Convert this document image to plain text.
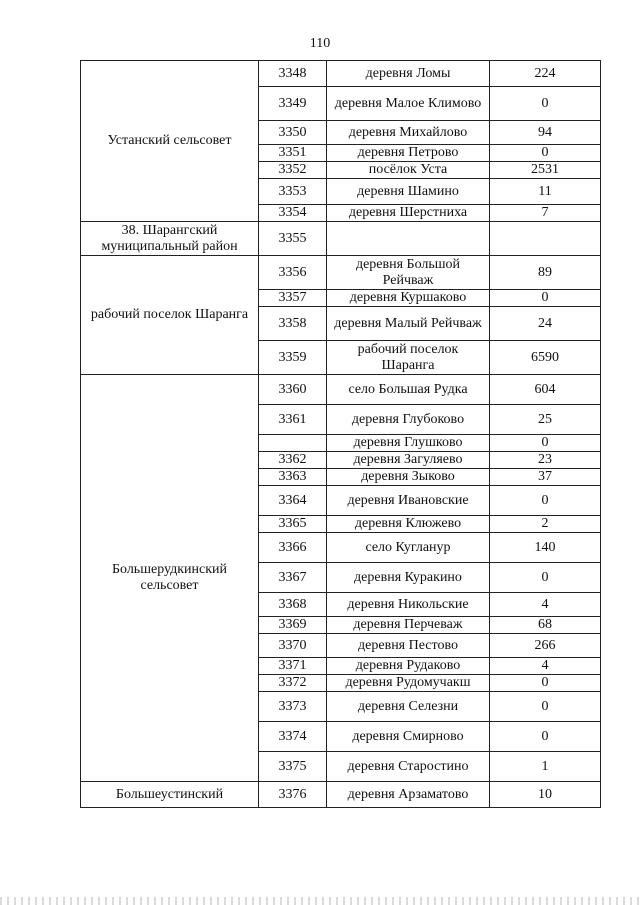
110
Устанский сельсовет	3348	деревня Ломы	224
	3349	деревня Малое Климово	0
	3350	деревня Михайлово	94
	3351	деревня Петрово	0
	3352	посёлок Уста	2531
	3353	деревня Шамино	11
	3354	деревня Шерстниха	7
38. Шарангский муниципальный район	3355		
рабочий поселок Шаранга	3356	деревня Большой Рейчваж	89
	3357	деревня Куршаково	0
	3358	деревня Малый Рейчваж	24
	3359	рабочий поселок Шаранга	6590
Большерудкинский сельсовет	3360	село Большая Рудка	604
	3361	деревня Глубоково	25
		деревня Глушково	0
	3362	деревня Загуляево	23
	3363	деревня Зыково	37
	3364	деревня Ивановские	0
	3365	деревня Клюжево	2
	3366	село Кугланур	140
	3367	деревня Куракино	0
	3368	деревня Никольские	4
	3369	деревня Перчеваж	68
	3370	деревня Пестово	266
	3371	деревня Рудаково	4
	3372	деревня Рудомучакш	0
	3373	деревня Селезни	0
	3374	деревня Смирново	0
	3375	деревня Старостино	1
Большеустинский	3376	деревня Арзаматово	10
